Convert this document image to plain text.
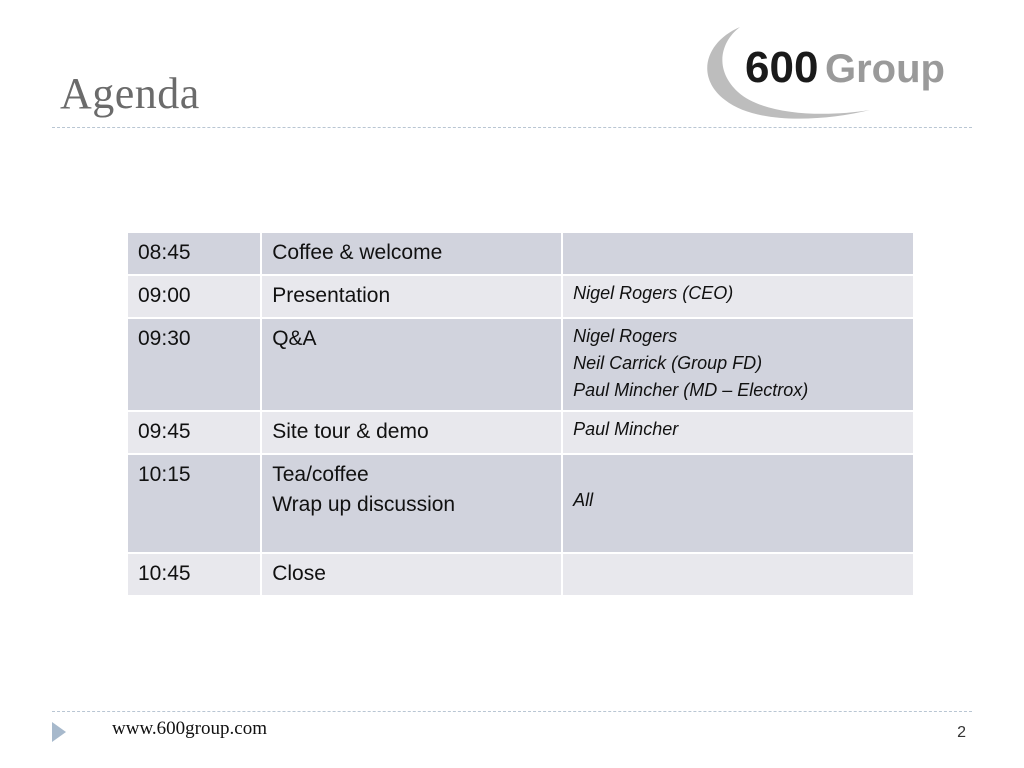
Agenda
600 Group
08:45	Coffee & welcome	

09:00	Presentation	Nigel Rogers (CEO)

09:30	Q&A	Nigel Rogers
Neil Carrick (Group FD)
Paul Mincher (MD – Electrox)

09:45	Site tour & demo	Paul Mincher

10:15	Tea/coffee
Wrap up discussion	All

10:45	Close	

www.600group.com	2
